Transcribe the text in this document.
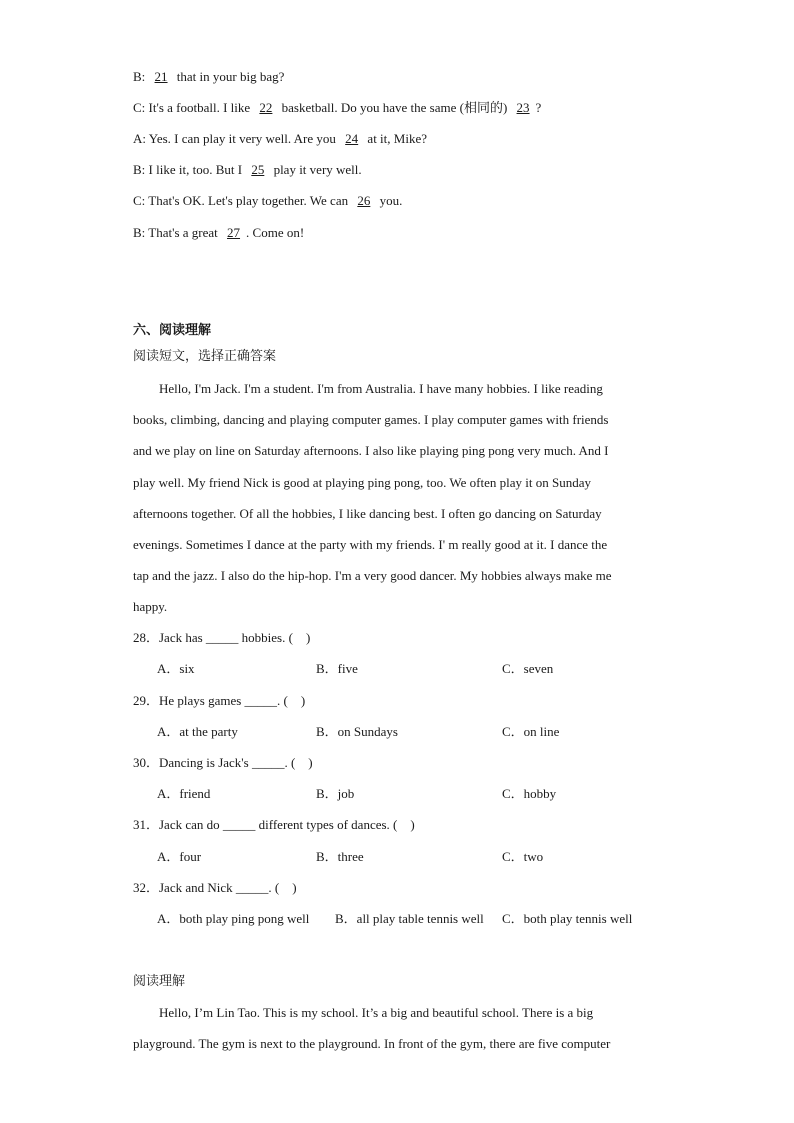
B: 21 that in your big bag?
C: It's a football. I like 22 basketball. Do you have the same (相同的) 23 ?
A: Yes. I can play it very well. Are you 24 at it, Mike?
B: I like it, too. But I 25 play it very well.
C: That's OK. Let's play together. We can 26 you.
B: That's a great 27 . Come on!
六、阅读理解
阅读短文，选择正确答案
Hello, I'm Jack. I'm a student. I'm from Australia. I have many hobbies. I like reading
books, climbing, dancing and playing computer games. I play computer games with friends
and we play on line on Saturday afternoons. I also like playing ping pong very much. And I
play well. My friend Nick is good at playing ping pong, too. We often play it on Sunday
afternoons together. Of all the hobbies, I like dancing best. I often go dancing on Saturday
evenings. Sometimes I dance at the party with my friends. I' m really good at it. I dance the
tap and the jazz. I also do the hip-hop. I'm a very good dancer. My hobbies always make me
happy.
28．Jack has _____ hobbies. (　)
A．six	B．five	C．seven
29．He plays games _____. (　)
A．at the party	B．on Sundays	C．on line
30．Dancing is Jack's _____. (　)
A．friend	B．job	C．hobby
31．Jack can do _____ different types of dances. (　)
A．four	B．three	C．two
32．Jack and Nick _____. (　)
A．both play ping pong well B．all play table tennis well C．both play tennis well
阅读理解
Hello, I’m Lin Tao. This is my school. It’s a big and beautiful school. There is a big
playground. The gym is next to the playground. In front of the gym, there are five computer
